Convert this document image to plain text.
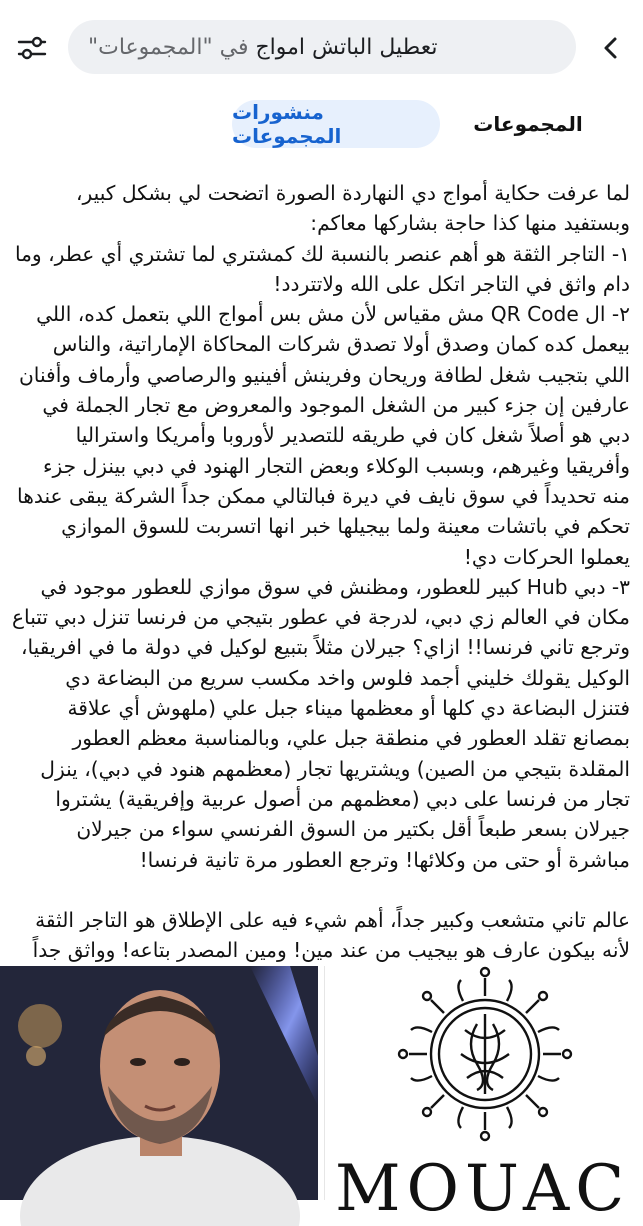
تعطيل الباتش امواج في "المجموعات"
منشورات المجموعات	المجموعات

لما عرفت حكاية أمواج دي النهاردة الصورة اتضحت لي بشكل كبير، وبستفيد منها كذا حاجة بشاركها معاكم:

١- التاجر الثقة هو أهم عنصر بالنسبة لك كمشتري لما تشتري أي عطر، وما دام واثق في التاجر اتكل على الله ولاتتردد!

٢- ال QR Code مش مقياس لأن مش بس أمواج اللي بتعمل كده، اللي بيعمل كده كمان وصدق أولا تصدق شركات المحاكاة الإماراتية، والناس اللي بتجيب شغل لطافة وريحان وفرينش أفينيو والرصاصي وأرماف وأفنان عارفين إن جزء كبير من الشغل الموجود والمعروض مع تجار الجملة في دبي هو أصلاً شغل كان في طريقه للتصدير لأوروبا وأمريكا واستراليا وأفريقيا وغيرهم، وبسبب الوكلاء وبعض التجار الهنود في دبي بينزل جزء منه تحديداً في سوق نايف في ديرة فبالتالي ممكن جداً الشركة يبقى عندها تحكم في باتشات معينة ولما بيجيلها خبر انها اتسربت للسوق الموازي يعملوا الحركات دي!

٣- دبي Hub كبير للعطور، ومظنش في سوق موازي للعطور موجود في مكان في العالم زي دبي، لدرجة في عطور بتيجي من فرنسا تنزل دبي تتباع وترجع تاني فرنسا!! ازاي؟ جيرلان مثلاً بتبيع لوكيل في دولة ما في افريقيا، الوكيل يقولك خليني أجمد فلوس واخد مكسب سريع من البضاعة دي فتنزل البضاعة دي كلها أو معظمها ميناء جبل علي (ملهوش أي علاقة بمصانع تقلد العطور في منطقة جبل علي، وبالمناسبة معظم العطور المقلدة بتيجي من الصين) ويشتريها تجار (معظمهم هنود في دبي)، ينزل تجار من فرنسا على دبي (معظمهم من أصول عربية وإفريقية) يشتروا جيرلان بسعر طبعاً أقل بكتير من السوق الفرنسي سواء من جيرلان مباشرة أو حتى من وكلائها! وترجع العطور مرة تانية فرنسا!

عالم تاني متشعب وكبير جداً، أهم شيء فيه على الإطلاق هو التاجر الثقة لأنه بيكون عارف هو بيجيب من عند مين! ومين المصدر بتاعه! وواثق جداً

MOUAC
